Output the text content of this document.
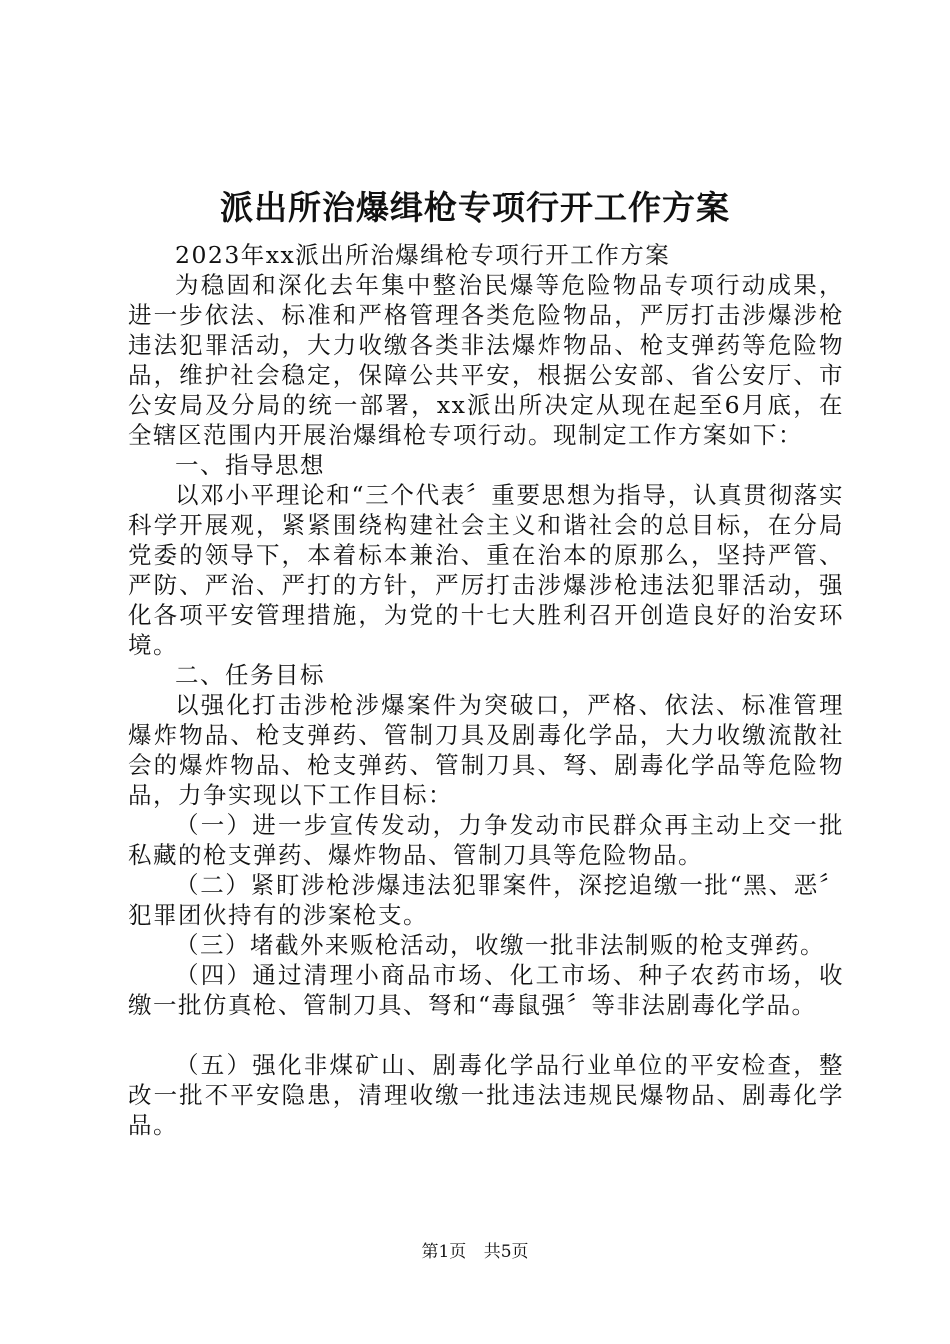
派出所治爆缉枪专项行开工作方案

2023年xx派出所治爆缉枪专项行开工作方案

为稳固和深化去年集中整治民爆等危险物品专项行动成果，进一步依法、标准和严格管理各类危险物品，严厉打击涉爆涉枪违法犯罪活动，大力收缴各类非法爆炸物品、枪支弹药等危险物品，维护社会稳定，保障公共平安，根据公安部、省公安厅、市公安局及分局的统一部署，xx派出所决定从现在起至6月底，在全辖区范围内开展治爆缉枪专项行动。现制定工作方案如下：

一、指导思想

以邓小平理论和“三个代表〞重要思想为指导，认真贯彻落实科学开展观，紧紧围绕构建社会主义和谐社会的总目标，在分局党委的领导下，本着标本兼治、重在治本的原那么，坚持严管、严防、严治、严打的方针，严厉打击涉爆涉枪违法犯罪活动，强化各项平安管理措施，为党的十七大胜利召开创造良好的治安环境。

二、任务目标

以强化打击涉枪涉爆案件为突破口，严格、依法、标准管理爆炸物品、枪支弹药、管制刀具及剧毒化学品，大力收缴流散社会的爆炸物品、枪支弹药、管制刀具、弩、剧毒化学品等危险物品，力争实现以下工作目标：

（一）进一步宣传发动，力争发动市民群众再主动上交一批私藏的枪支弹药、爆炸物品、管制刀具等危险物品。

（二）紧盯涉枪涉爆违法犯罪案件，深挖追缴一批“黑、恶〞犯罪团伙持有的涉案枪支。

（三）堵截外来贩枪活动，收缴一批非法制贩的枪支弹药。

（四）通过清理小商品市场、化工市场、种子农药市场，收缴一批仿真枪、管制刀具、弩和“毒鼠强〞等非法剧毒化学品。

（五）强化非煤矿山、剧毒化学品行业单位的平安检查，整改一批不平安隐患，清理收缴一批违法违规民爆物品、剧毒化学品。

第1页 共5页
